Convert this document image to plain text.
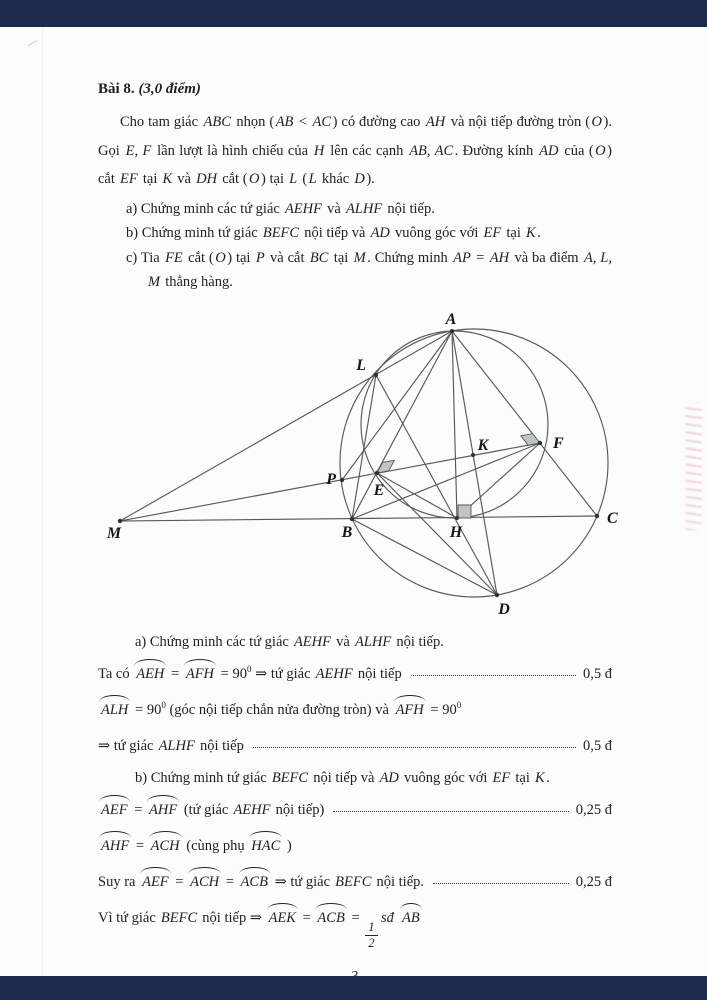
Bài 8. (3,0 điểm)

Cho tam giác ABC nhọn ( AB < AC ) có đường cao AH và nội tiếp đường tròn ( O ). Gọi E, F lần lượt là hình chiếu của H lên các cạnh AB, AC . Đường kính AD của ( O ) cắt EF tại K và DH cắt ( O ) tại L ( L khác D ).

a) Chứng minh các tứ giác AEHF và ALHF nội tiếp.
b) Chứng minh tứ giác BEFC nội tiếp và AD vuông góc với EF tại K .
c) Tia FE cắt ( O ) tại P và cắt BC tại M . Chứng minh AP = AH và ba điểm A, L, M thẳng hàng.
A
L
K	F
P
E
B	H
C
D
M
a) Chứng minh các tứ giác AEHF và ALHF nội tiếp.
Ta có AEH = AFH = $90^0$ ⇒ tứ giác AEHF nội tiếp	0,5 đ
ALH = $90^0$ (góc nội tiếp chắn nửa đường tròn) và AFH = $90^0$
⇒ tứ giác ALHF nội tiếp	0,5 đ
b) Chứng minh tứ giác BEFC nội tiếp và AD vuông góc với EF tại K .
AEF = AHF (tứ giác AEHF nội tiếp)	0,25 đ
AHF = ACH (cùng phụ HAC )
Suy ra AEF = ACH = ACB ⇒ tứ giác BEFC nội tiếp.	0,25 đ
Vì tứ giác BEFC nội tiếp ⇒ AEK = ACB =
$\frac{1}{2}$
sđ AB
